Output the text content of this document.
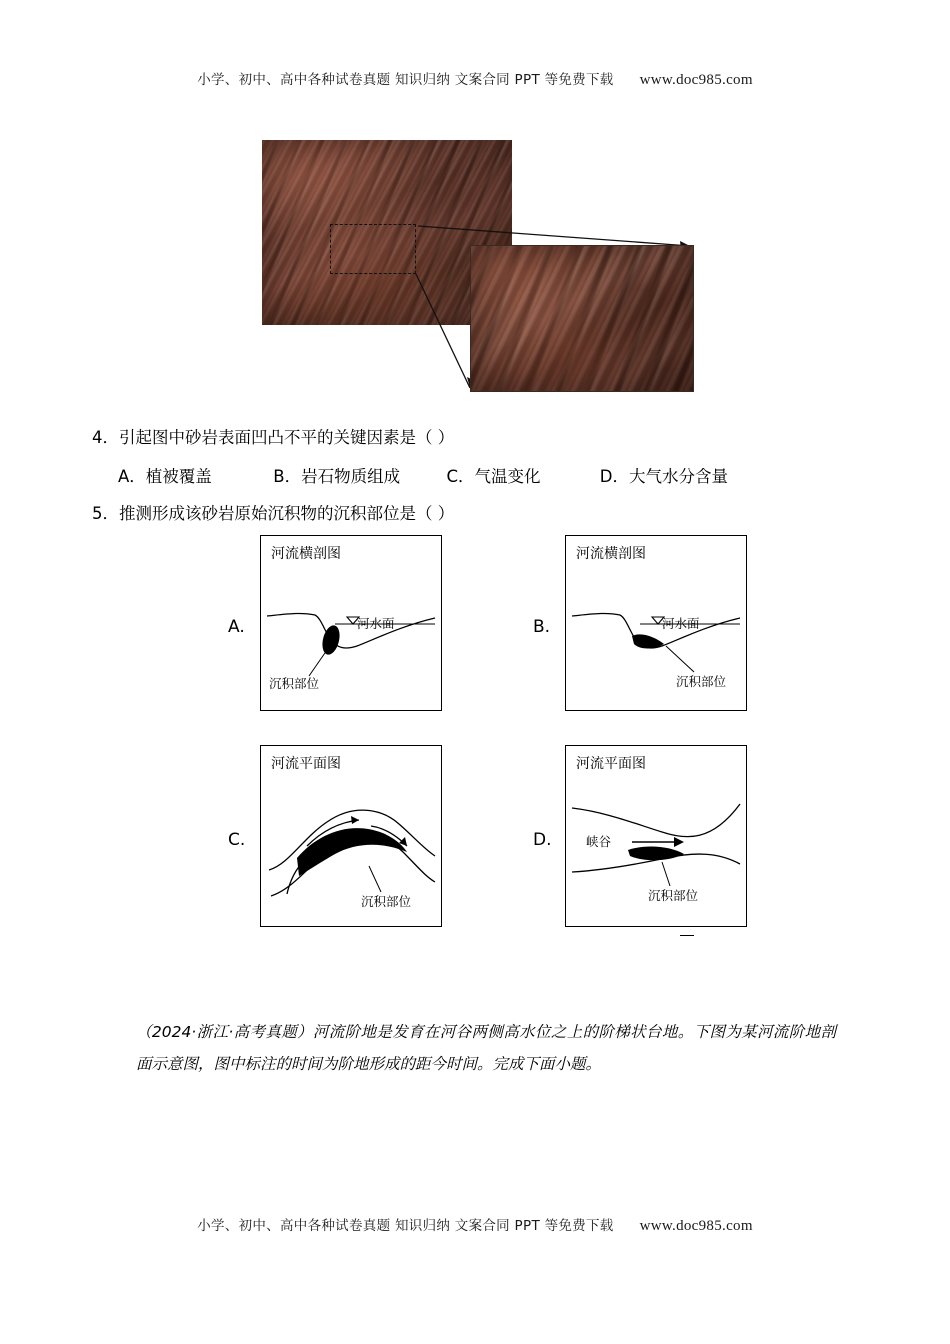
小学、初中、高中各种试卷真题 知识归纳 文案合同 PPT 等免费下载 www.doc985.com
4．引起图中砂岩表面凹凸不平的关键因素是（ ）
A．植被覆盖	B．岩石物质组成	C．气温变化	D．大气水分含量
5．推测形成该砂岩原始沉积物的沉积部位是（ ）
A.
河流横剖图
河水面
沉积部位
B.
河流横剖图
河水面
沉积部位
C.
河流平面图
沉积部位
D.
河流平面图
峡谷
沉积部位
（2024·浙江·高考真题）河流阶地是发育在河谷两侧高水位之上的阶梯状台地。下图为某河流阶地剖面示意图，图中标注的时间为阶地形成的距今时间。完成下面小题。
小学、初中、高中各种试卷真题 知识归纳 文案合同 PPT 等免费下载 www.doc985.com
